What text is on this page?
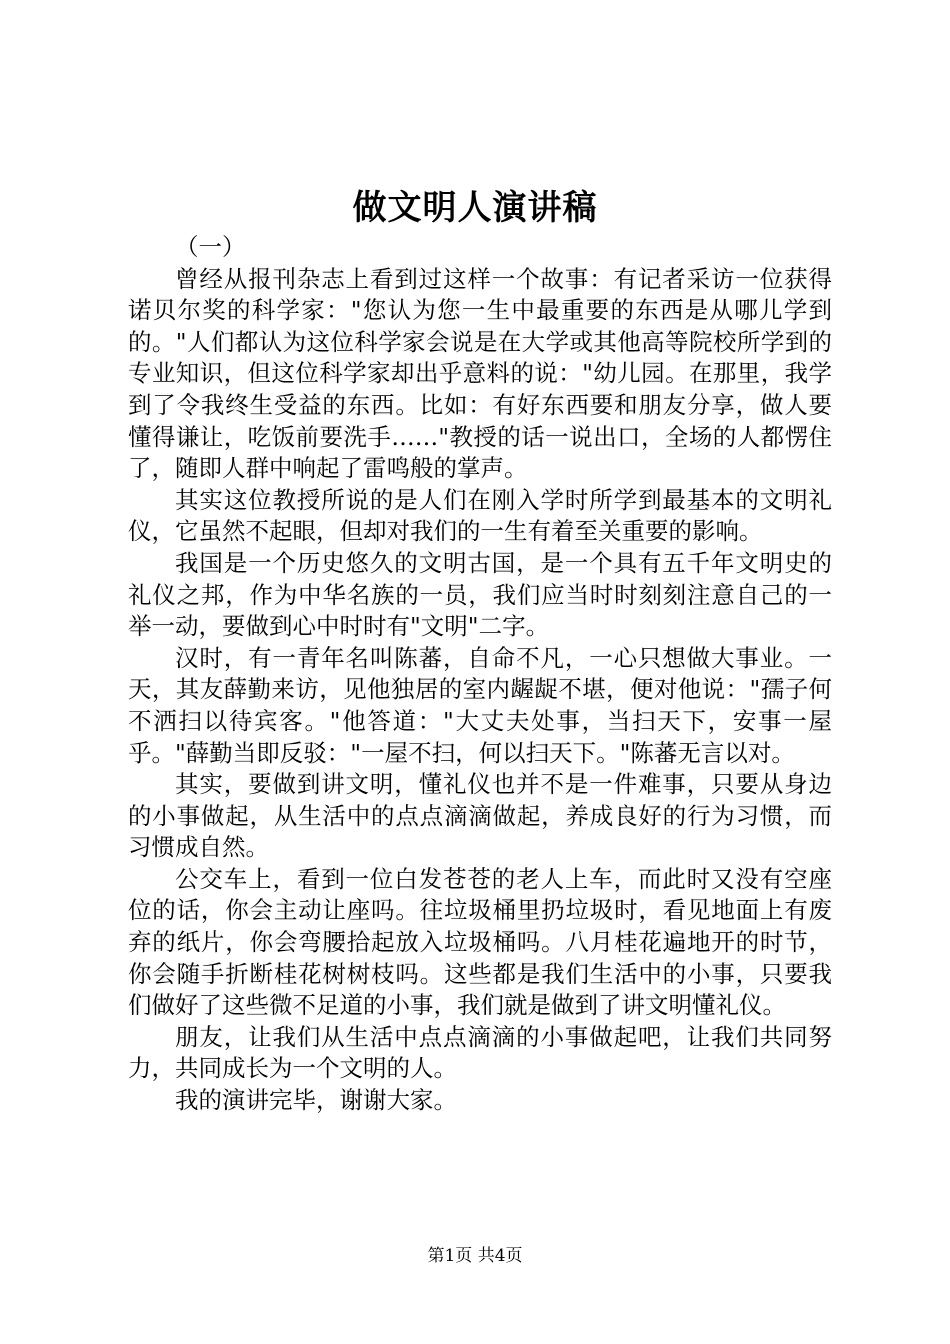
做文明人演讲稿

（一）

曾经从报刊杂志上看到过这样一个故事：有记者采访一位获得诺贝尔奖的科学家："您认为您一生中最重要的东西是从哪儿学到的。"人们都认为这位科学家会说是在大学或其他高等院校所学到的专业知识，但这位科学家却出乎意料的说："幼儿园。在那里，我学到了令我终生受益的东西。比如：有好东西要和朋友分享，做人要懂得谦让，吃饭前要洗手……"教授的话一说出口，全场的人都愣住了，随即人群中响起了雷鸣般的掌声。

其实这位教授所说的是人们在刚入学时所学到最基本的文明礼仪，它虽然不起眼，但却对我们的一生有着至关重要的影响。

我国是一个历史悠久的文明古国，是一个具有五千年文明史的礼仪之邦，作为中华名族的一员，我们应当时时刻刻注意自己的一举一动，要做到心中时时有"文明"二字。

汉时，有一青年名叫陈蕃，自命不凡，一心只想做大事业。一天，其友薛勤来访，见他独居的室内龌龊不堪，便对他说："孺子何不洒扫以待宾客。"他答道："大丈夫处事，当扫天下，安事一屋乎。"薛勤当即反驳："一屋不扫，何以扫天下。"陈蕃无言以对。

其实，要做到讲文明，懂礼仪也并不是一件难事，只要从身边的小事做起，从生活中的点点滴滴做起，养成良好的行为习惯，而习惯成自然。

公交车上，看到一位白发苍苍的老人上车，而此时又没有空座位的话，你会主动让座吗。往垃圾桶里扔垃圾时，看见地面上有废弃的纸片，你会弯腰拾起放入垃圾桶吗。八月桂花遍地开的时节，你会随手折断桂花树树枝吗。这些都是我们生活中的小事，只要我们做好了这些微不足道的小事，我们就是做到了讲文明懂礼仪。

朋友，让我们从生活中点点滴滴的小事做起吧，让我们共同努力，共同成长为一个文明的人。

我的演讲完毕，谢谢大家。

第1页 共4页
